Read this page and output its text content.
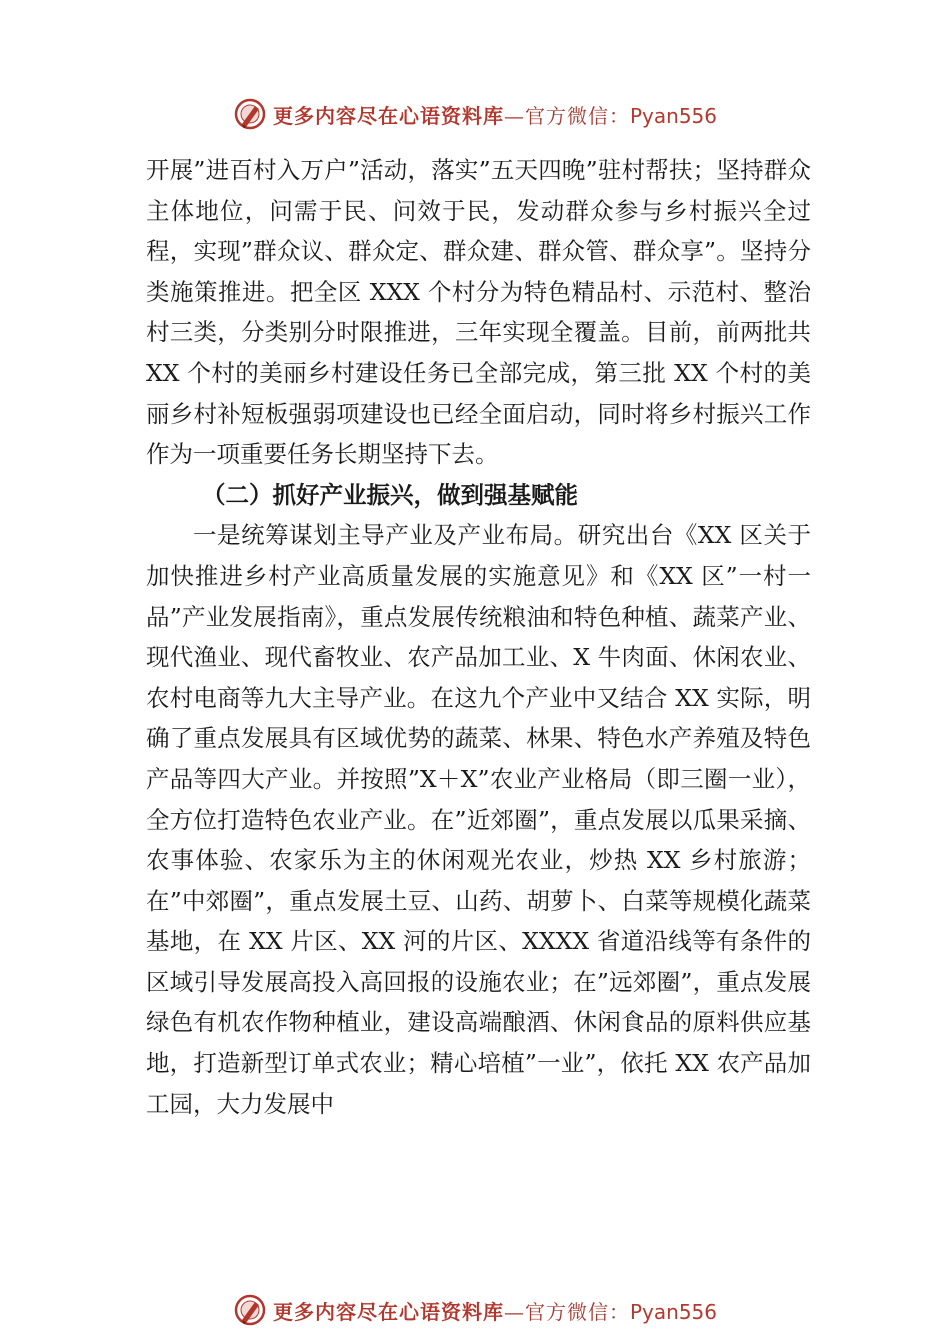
更多内容尽在心语资料库—官方微信：Pyan556

开展”进百村入万户”活动，落实”五天四晚”驻村帮扶；坚持群众主体地位，问需于民、问效于民，发动群众参与乡村振兴全过程，实现”群众议、群众定、群众建、群众管、群众享”。坚持分类施策推进。把全区 XXX 个村分为特色精品村、示范村、整治村三类，分类别分时限推进，三年实现全覆盖。目前，前两批共 XX 个村的美丽乡村建设任务已全部完成，第三批 XX 个村的美丽乡村补短板强弱项建设也已经全面启动，同时将乡村振兴工作作为一项重要任务长期坚持下去。

（二）抓好产业振兴，做到强基赋能

一是统筹谋划主导产业及产业布局。研究出台《XX 区关于加快推进乡村产业高质量发展的实施意见》和《XX 区”一村一品”产业发展指南》，重点发展传统粮油和特色种植、蔬菜产业、现代渔业、现代畜牧业、农产品加工业、X 牛肉面、休闲农业、农村电商等九大主导产业。在这九个产业中又结合 XX 实际，明确了重点发展具有区域优势的蔬菜、林果、特色水产养殖及特色产品等四大产业。并按照”X＋X”农业产业格局（即三圈一业），全方位打造特色农业产业。在”近郊圈”，重点发展以瓜果采摘、农事体验、农家乐为主的休闲观光农业，炒热 XX 乡村旅游；在”中郊圈”，重点发展土豆、山药、胡萝卜、白菜等规模化蔬菜基地，在 XX 片区、XX 河的片区、XXXX 省道沿线等有条件的区域引导发展高投入高回报的设施农业；在”远郊圈”，重点发展绿色有机农作物种植业，建设高端酿酒、休闲食品的原料供应基地，打造新型订单式农业；精心培植”一业”，依托 XX 农产品加工园，大力发展中

更多内容尽在心语资料库—官方微信：Pyan556
